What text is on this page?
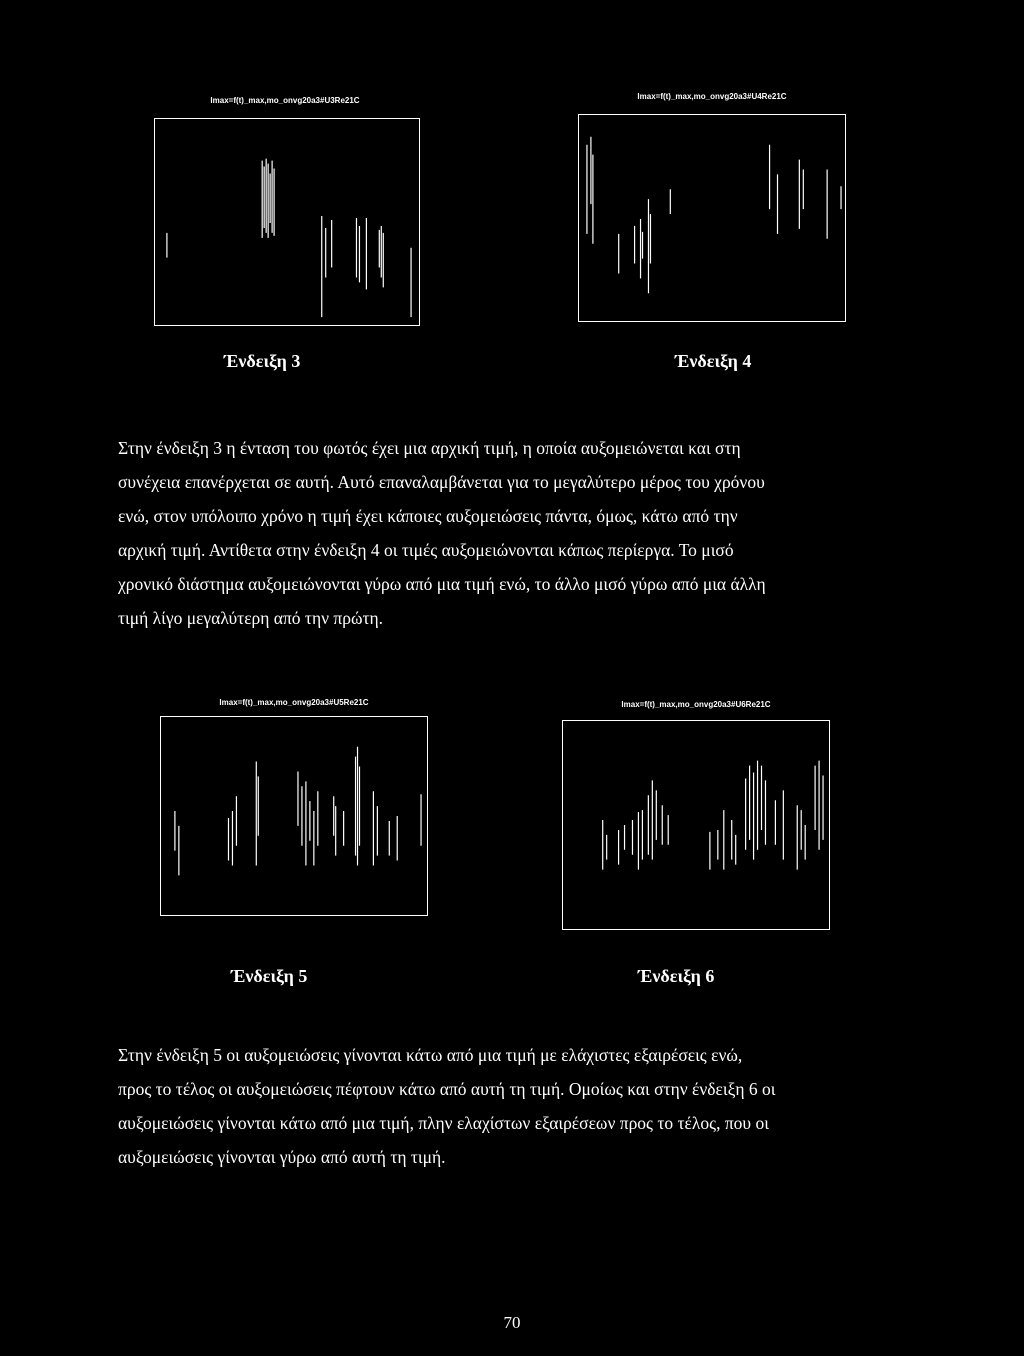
Imax=f(t)_max,mo_onvg20a3#U3Re21C	Imax=f(t)_max,mo_onvg20a3#U4Re21C
Ένδειξη 3	Ένδειξη 4

Στην ένδειξη 3 η ένταση του φωτός έχει μια αρχική τιμή, η οποία αυξομειώνεται και στη
συνέχεια επανέρχεται σε αυτή. Αυτό επαναλαμβάνεται για το μεγαλύτερο μέρος του χρόνου
ενώ, στον υπόλοιπο χρόνο η τιμή έχει κάποιες αυξομειώσεις πάντα, όμως, κάτω από την
αρχική τιμή. Αντίθετα στην ένδειξη 4 οι τιμές αυξομειώνονται κάπως περίεργα. Το μισό
χρονικό διάστημα αυξομειώνονται γύρω από μια τιμή ενώ, το άλλο μισό γύρω από μια άλλη
τιμή λίγο μεγαλύτερη από την πρώτη.

Imax=f(t)_max,mo_onvg20a3#U5Re21C	Imax=f(t)_max,mo_onvg20a3#U6Re21C
Ένδειξη 5	Ένδειξη 6

Στην ένδειξη 5 οι αυξομειώσεις γίνονται κάτω από μια τιμή με ελάχιστες εξαιρέσεις ενώ,
προς το τέλος οι αυξομειώσεις πέφτουν κάτω από αυτή τη τιμή. Ομοίως και στην ένδειξη 6 οι
αυξομειώσεις γίνονται κάτω από μια τιμή, πλην ελαχίστων εξαιρέσεων προς το τέλος, που οι
αυξομειώσεις γίνονται γύρω από αυτή τη τιμή.

70
